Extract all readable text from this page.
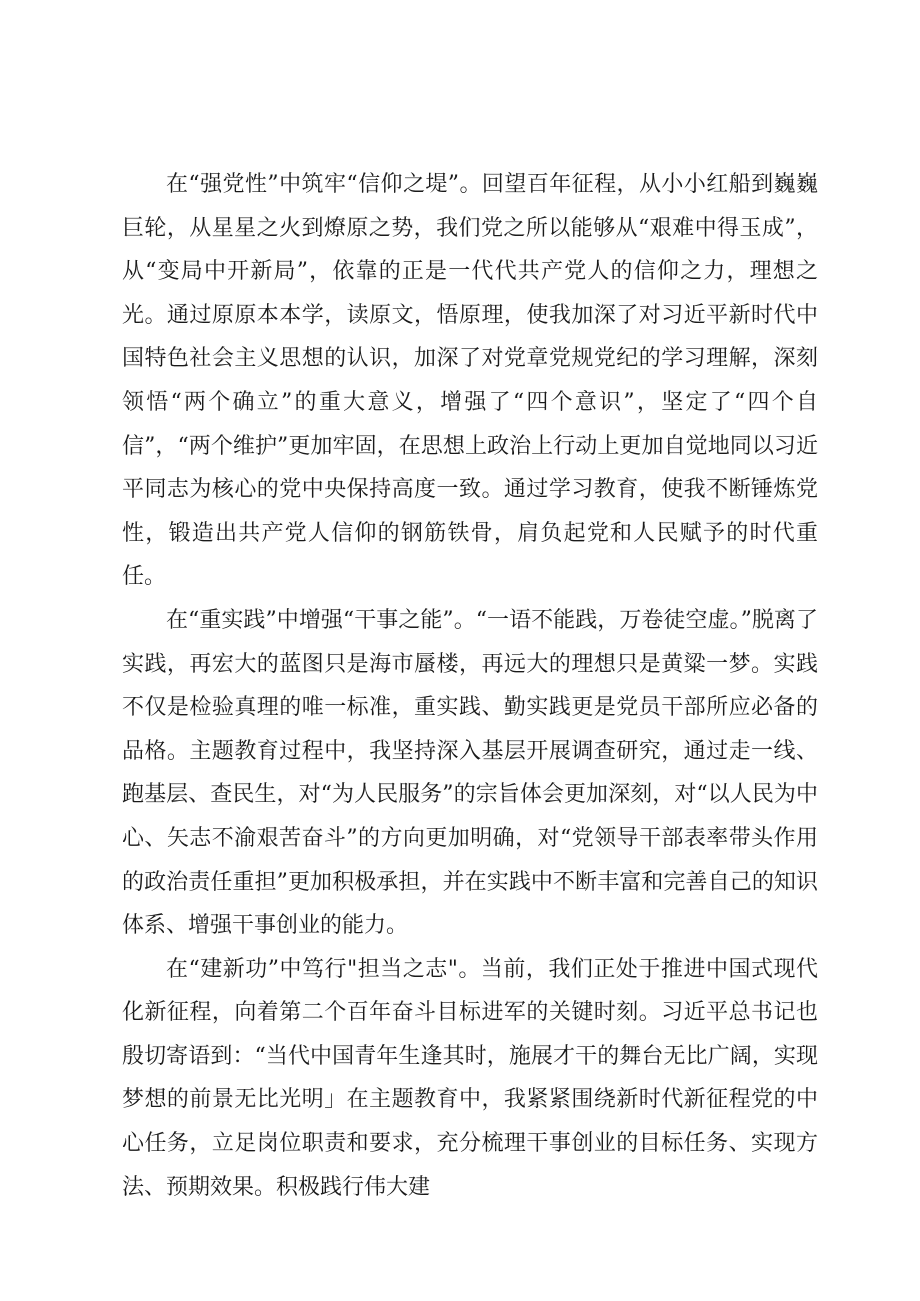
在“强党性”中筑牢“信仰之堤”。回望百年征程，从小小红船到巍巍巨轮，从星星之火到燎原之势，我们党之所以能够从“艰难中得玉成”，从“变局中开新局”，依靠的正是一代代共产党人的信仰之力，理想之光。通过原原本本学，读原文，悟原理，使我加深了对习近平新时代中国特色社会主义思想的认识，加深了对党章党规党纪的学习理解，深刻领悟“两个确立”的重大意义，增强了“四个意识”，坚定了“四个自信”，“两个维护”更加牢固，在思想上政治上行动上更加自觉地同以习近平同志为核心的党中央保持高度一致。通过学习教育，使我不断锤炼党性，锻造出共产党人信仰的钢筋铁骨，肩负起党和人民赋予的时代重任。

在“重实践”中增强“干事之能”。“一语不能践，万卷徒空虚。”脱离了实践，再宏大的蓝图只是海市蜃楼，再远大的理想只是黄粱一梦。实践不仅是检验真理的唯一标准，重实践、勤实践更是党员干部所应必备的品格。主题教育过程中，我坚持深入基层开展调查研究，通过走一线、跑基层、查民生，对“为人民服务”的宗旨体会更加深刻，对“以人民为中心、矢志不渝艰苦奋斗”的方向更加明确，对“党领导干部表率带头作用的政治责任重担”更加积极承担，并在实践中不断丰富和完善自己的知识体系、增强干事创业的能力。

在“建新功”中笃行"担当之志"。当前，我们正处于推进中国式现代化新征程，向着第二个百年奋斗目标进军的关键时刻。习近平总书记也殷切寄语到：“当代中国青年生逢其时，施展才干的舞台无比广阔，实现梦想的前景无比光明」在主题教育中，我紧紧围绕新时代新征程党的中心任务，立足岗位职责和要求，充分梳理干事创业的目标任务、实现方法、预期效果。积极践行伟大建
